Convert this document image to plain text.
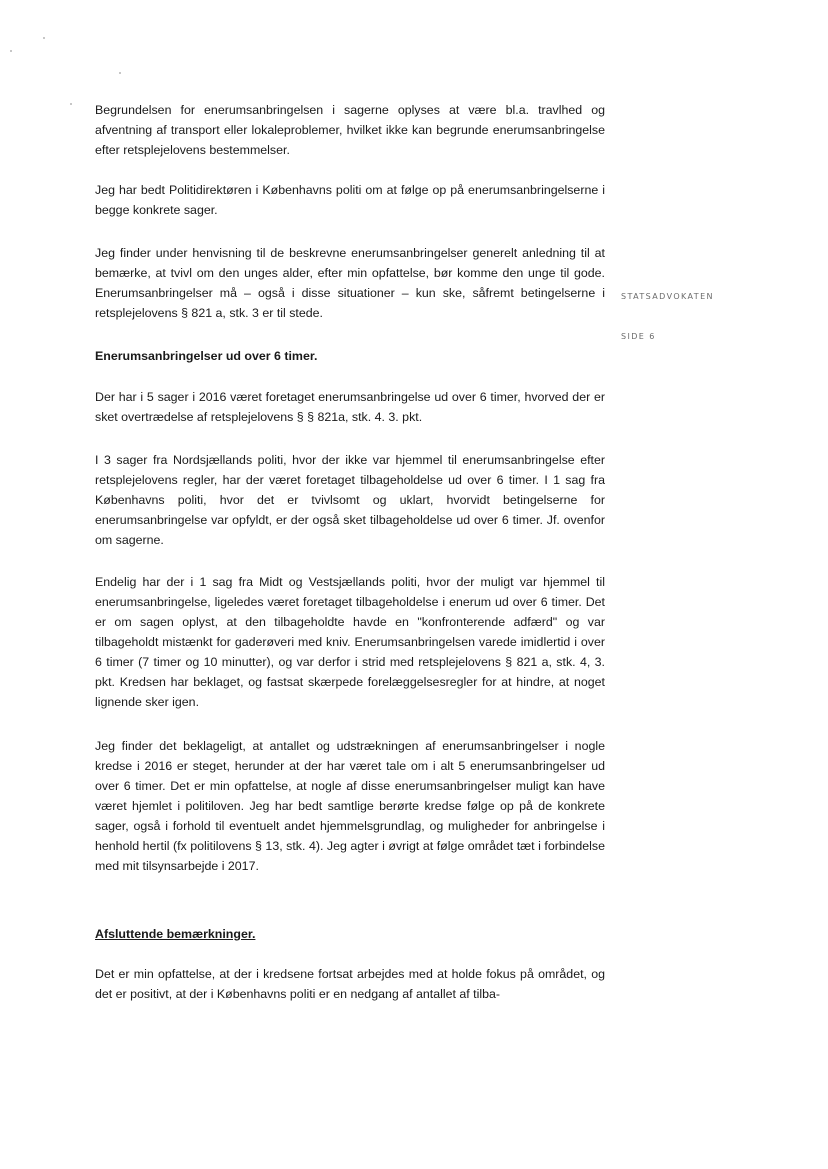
Begrundelsen for enerumsanbringelsen i sagerne oplyses at være bl.a. travlhed og afventning af transport eller lokaleproblemer, hvilket ikke kan begrunde enerumsanbringelse efter retsplejelovens bestemmelser.

Jeg har bedt Politidirektøren i Københavns politi om at følge op på enerumsanbringelserne i begge konkrete sager.

Jeg finder under henvisning til de beskrevne enerumsanbringelser generelt anledning til at bemærke, at tvivl om den unges alder, efter min opfattelse, bør komme den unge til gode. Enerumsanbringelser må – også i disse situationer – kun ske, såfremt betingelserne i retsplejelovens § 821 a, stk. 3 er til stede.

Enerumsanbringelser ud over 6 timer.

Der har i 5 sager i 2016 været foretaget enerumsanbringelse ud over 6 timer, hvorved der er sket overtrædelse af retsplejelovens § § 821a, stk. 4. 3. pkt.

I 3 sager fra Nordsjællands politi, hvor der ikke var hjemmel til enerumsanbringelse efter retsplejelovens regler, har der været foretaget tilbageholdelse ud over 6 timer. I 1 sag fra Københavns politi, hvor det er tvivlsomt og uklart, hvorvidt betingelserne for enerumsanbringelse var opfyldt, er der også sket tilbageholdelse ud over 6 timer. Jf. ovenfor om sagerne.

Endelig har der i 1 sag fra Midt og Vestsjællands politi, hvor der muligt var hjemmel til enerumsanbringelse, ligeledes været foretaget tilbageholdelse i enerum ud over 6 timer. Det er om sagen oplyst, at den tilbageholdte havde en "konfronterende adfærd" og var tilbageholdt mistænkt for gaderøveri med kniv. Enerumsanbringelsen varede imidlertid i over 6 timer (7 timer og 10 minutter), og var derfor i strid med retsplejelovens § 821 a, stk. 4, 3. pkt. Kredsen har beklaget, og fastsat skærpede forelæggelsesregler for at hindre, at noget lignende sker igen.

Jeg finder det beklageligt, at antallet og udstrækningen af enerumsanbringelser i nogle kredse i 2016 er steget, herunder at der har været tale om i alt 5 enerumsanbringelser ud over 6 timer. Det er min opfattelse, at nogle af disse enerumsanbringelser muligt kan have været hjemlet i politiloven. Jeg har bedt samtlige berørte kredse følge op på de konkrete sager, også i forhold til eventuelt andet hjemmelsgrundlag, og muligheder for anbringelse i henhold hertil (fx politilovens § 13, stk. 4). Jeg agter i øvrigt at følge området tæt i forbindelse med mit tilsynsarbejde i 2017.

Afsluttende bemærkninger.

Det er min opfattelse, at der i kredsene fortsat arbejdes med at holde fokus på området, og det er positivt, at der i Københavns politi er en nedgang af antallet af tilba-

STATSADVOKATEN
SIDE 6
